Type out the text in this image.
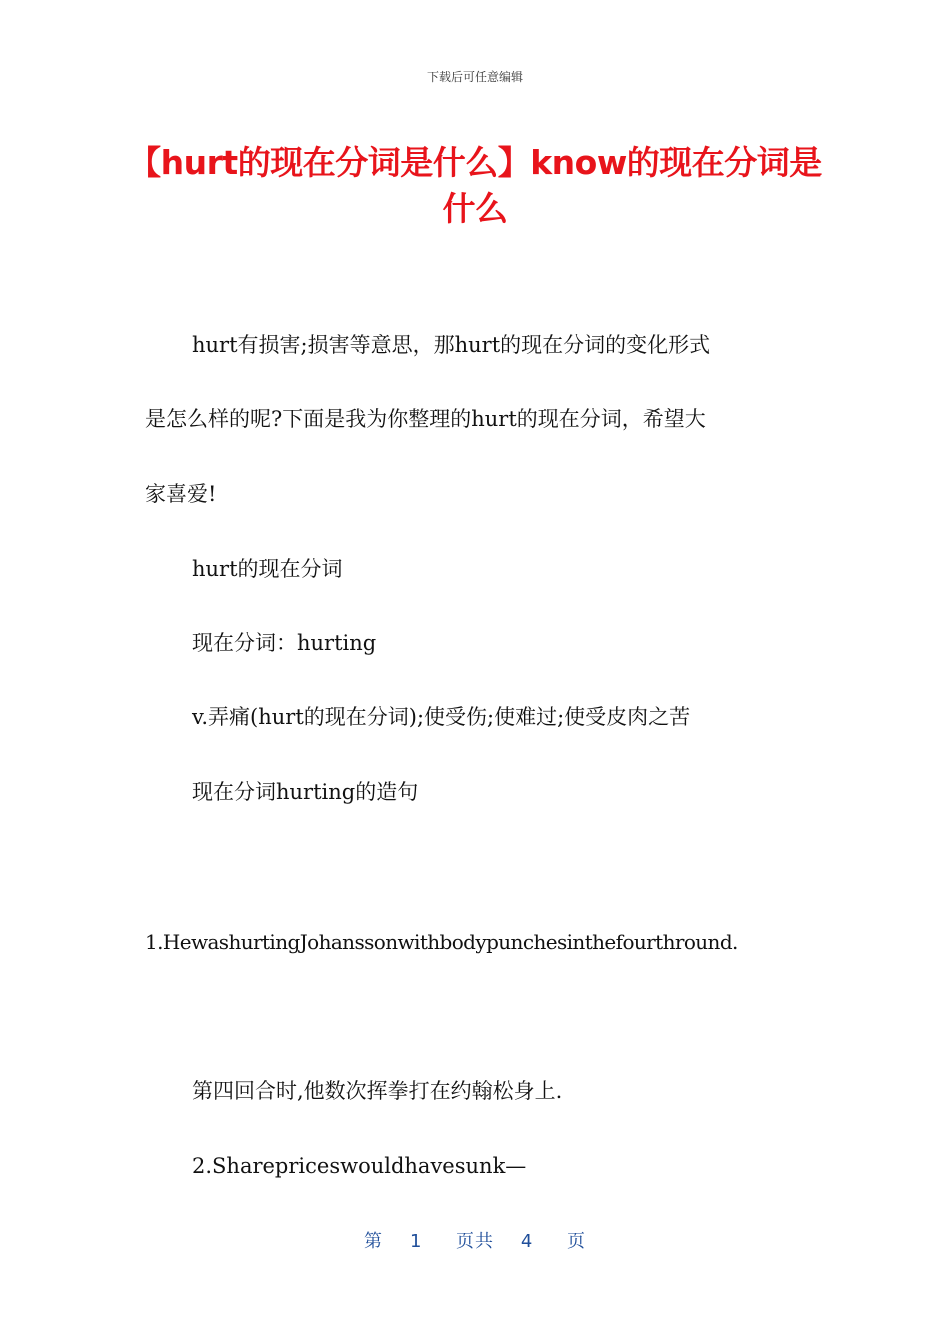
下载后可任意编辑
【hurt的现在分词是什么】know的现在分词是什么
hurt有损害;损害等意思，那hurt的现在分词的变化形式
是怎么样的呢?下面是我为你整理的hurt的现在分词，希望大
家喜爱!
hurt的现在分词
现在分词：hurting
v.弄痛(hurt的现在分词);使受伤;使难过;使受皮肉之苦
现在分词hurting的造句
1.HewashurtingJohanssonwithbodypunchesinthefourthround.
第四回合时,他数次挥拳打在约翰松身上.
2.Sharepriceswouldhavesunk—
第 1 页共 4 页
